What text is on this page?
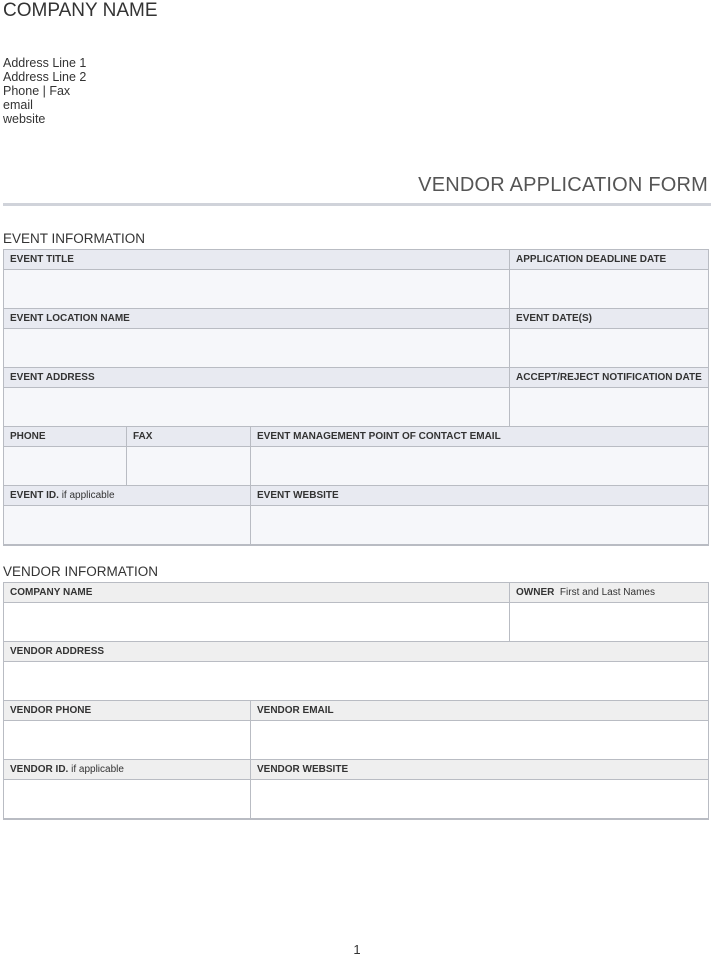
COMPANY NAME
Address Line 1
Address Line 2
Phone | Fax
email
website
VENDOR APPLICATION FORM
EVENT INFORMATION
EVENT TITLE			APPLICATION DEADLINE DATE

EVENT LOCATION NAME			EVENT DATE(S)

EVENT ADDRESS			ACCEPT/REJECT NOTIFICATION DATE

PHONE	FAX	EVENT MANAGEMENT POINT OF CONTACT EMAIL	

EVENT ID. if applicable		EVENT WEBSITE	

VENDOR INFORMATION
COMPANY NAME		OWNER First and Last Names

VENDOR ADDRESS		

VENDOR PHONE	VENDOR EMAIL	

VENDOR ID. if applicable	VENDOR WEBSITE	

1
